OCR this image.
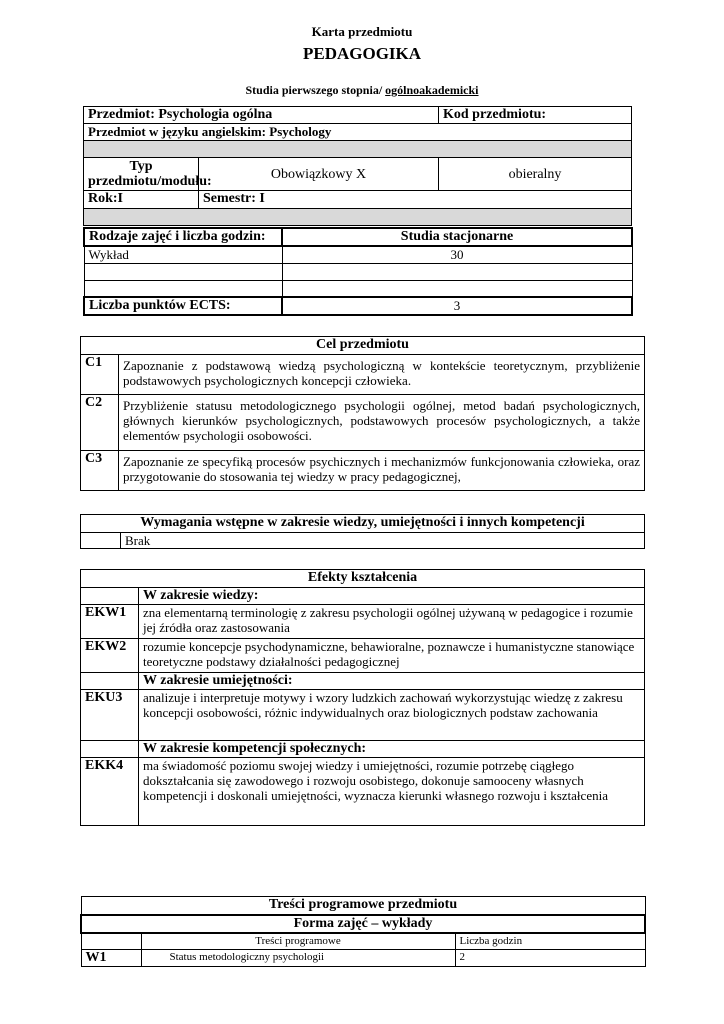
Karta przedmiotu
PEDAGOGIKA
Studia pierwszego stopnia/ ogólnoakademicki
Przedmiot: Psychologia ogólna		Kod przedmiotu:
Przedmiot w języku angielskim: Psychology		

Typ przedmiotu/modułu:	Obowiązkowy X	obieralny
Rok:I	Semestr: I	

Rodzaje zajęć i liczba godzin:	Studia stacjonarne
Wykład	30

Liczba punktów ECTS:	3
Cel przedmiotu	
C1	Zapoznanie z podstawową wiedzą psychologiczną w kontekście teoretycznym, przybliżenie podstawowych psychologicznych koncepcji człowieka.
C2	Przybliżenie statusu metodologicznego psychologii ogólnej, metod badań psychologicznych, głównych kierunków psychologicznych, podstawowych procesów psychologicznych, a także elementów psychologii osobowości.
C3	Zapoznanie ze specyfiką procesów psychicznych i mechanizmów funkcjonowania człowieka, oraz przygotowanie do stosowania tej wiedzy w pracy pedagogicznej,
Wymagania wstępne w zakresie wiedzy, umiejętności i innych kompetencji
	Brak
Efekty kształcenia	
	W zakresie wiedzy:
EKW1	zna elementarną terminologię z zakresu psychologii ogólnej używaną w pedagogice i rozumie jej źródła oraz zastosowania
EKW2	rozumie koncepcje psychodynamiczne, behawioralne, poznawcze i humanistyczne stanowiące teoretyczne podstawy działalności pedagogicznej
	W zakresie umiejętności:
EKU3	analizuje i interpretuje motywy i wzory ludzkich zachowań wykorzystując wiedzę z zakresu koncepcji osobowości, różnic indywidualnych oraz biologicznych podstaw zachowania
	W zakresie kompetencji społecznych:
EKK4	ma świadomość poziomu swojej wiedzy i umiejętności, rozumie potrzebę ciągłego dokształcania się zawodowego i rozwoju osobistego, dokonuje samooceny własnych kompetencji i doskonali umiejętności, wyznacza kierunki własnego rozwoju i kształcenia
Treści programowe przedmiotu		
Forma zajęć – wykłady		
	Treści programowe	Liczba godzin
W1	Status metodologiczny psychologii	2
